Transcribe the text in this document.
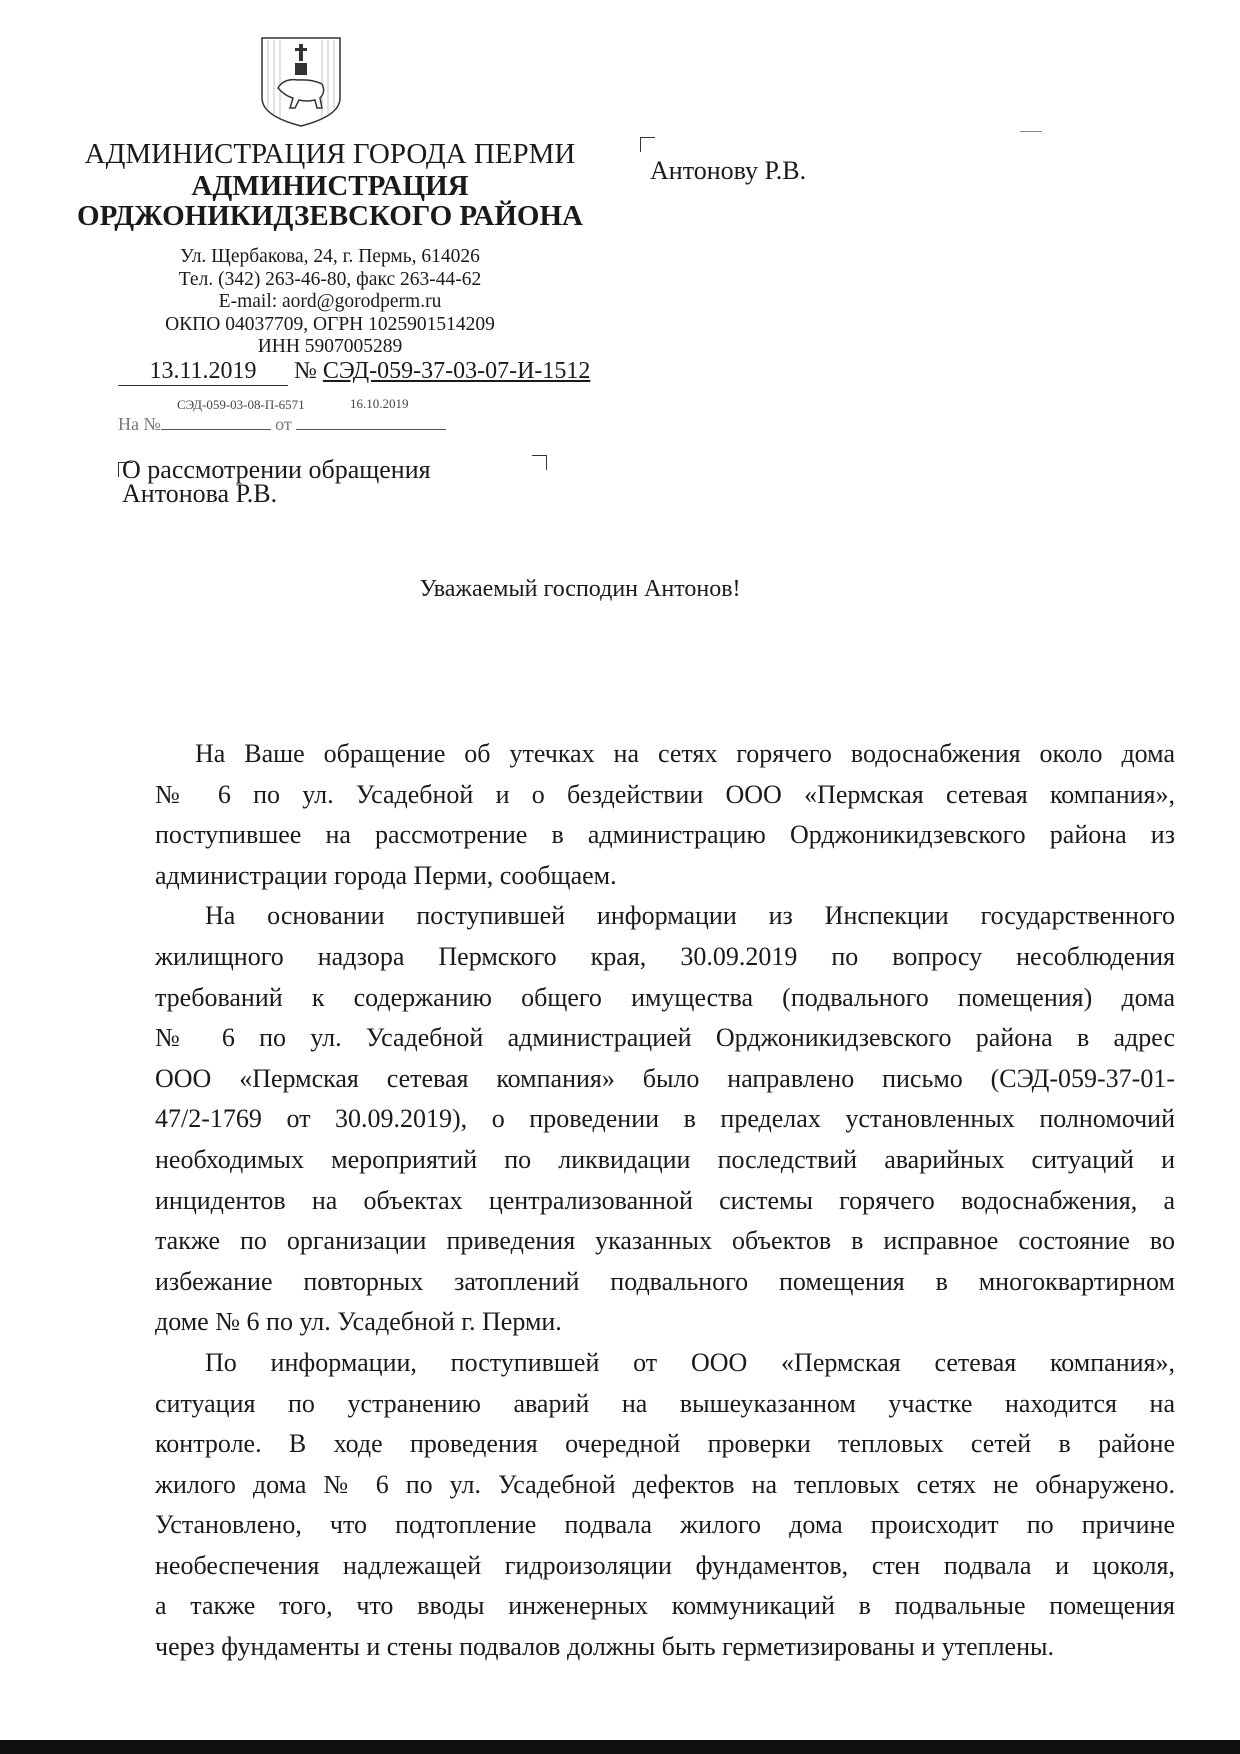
АДМИНИСТРАЦИЯ ГОРОДА ПЕРМИ
АДМИНИСТРАЦИЯ
ОРДЖОНИКИДЗЕВСКОГО РАЙОНА
Ул. Щербакова, 24, г. Пермь, 614026
Тел. (342) 263-46-80, факс 263-44-62
E-mail: aord@gorodperm.ru
ОКПО 04037709, ОГРН 1025901514209
ИНН 5907005289
Антонову Р.В.
13.11.2019 № СЭД-059-37-03-07-И-1512
СЭД-059-03-08-П-6571	16.10.2019
На №	от
О рассмотрении обращения
Антонова Р.В.
Уважаемый господин Антонов!
На Ваше обращение об утечках на сетях горячего водоснабжения около дома
№ 6 по ул. Усадебной и о бездействии ООО «Пермская сетевая компания»,
поступившее на рассмотрение в администрацию Орджоникидзевского района из
администрации города Перми, сообщаем.
На основании поступившей информации из Инспекции государственного
жилищного надзора Пермского края, 30.09.2019 по вопросу несоблюдения
требований к содержанию общего имущества (подвального помещения) дома
№ 6 по ул. Усадебной администрацией Орджоникидзевского района в адрес
ООО «Пермская сетевая компания» было направлено письмо (СЭД-059-37-01-
47/2-1769 от 30.09.2019), о проведении в пределах установленных полномочий
необходимых мероприятий по ликвидации последствий аварийных ситуаций и
инцидентов на объектах централизованной системы горячего водоснабжения, а
также по организации приведения указанных объектов в исправное состояние во
избежание повторных затоплений подвального помещения в многоквартирном
доме № 6 по ул. Усадебной г. Перми.
По информации, поступившей от ООО «Пермская сетевая компания»,
ситуация по устранению аварий на вышеуказанном участке находится на
контроле. В ходе проведения очередной проверки тепловых сетей в районе
жилого дома № 6 по ул. Усадебной дефектов на тепловых сетях не обнаружено.
Установлено, что подтопление подвала жилого дома происходит по причине
необеспечения надлежащей гидроизоляции фундаментов, стен подвала и цоколя,
а также того, что вводы инженерных коммуникаций в подвальные помещения
через фундаменты и стены подвалов должны быть герметизированы и утеплены.
